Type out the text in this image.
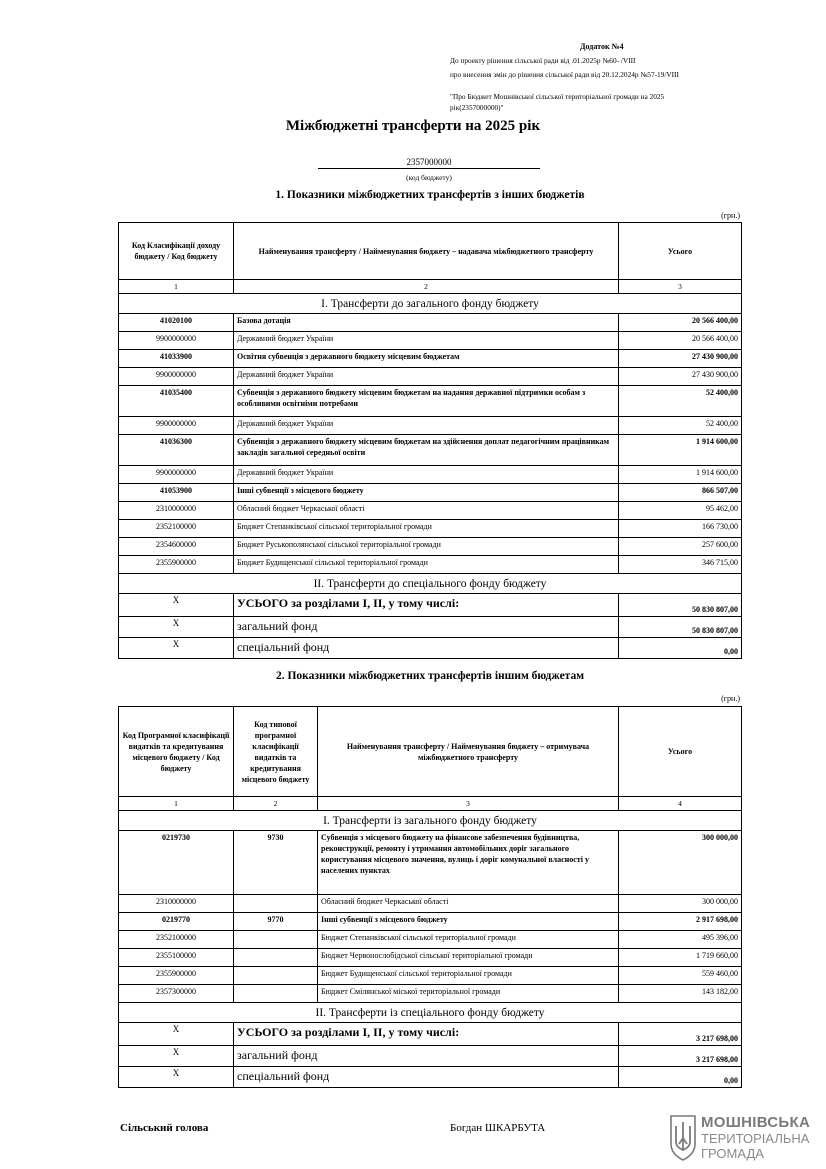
Додаток №4
До проекту рішення сільської ради від .01.2025р №60- /VIII
про внесення змін до рішення сільської ради від 20.12.2024р №57-19/VIII
"Про Бюджет Мошнівської сільської територіальної громади на 2025
рік(2357000000)"
Міжбюджетні трансферти на 2025 рік
2357000000
(код бюджету)
1. Показники міжбюджетних трансфертів з інших бюджетів
(грн.)
Код Класифікації доходу бюджету / Код бюджету	Найменування трансферту / Найменування бюджету – надавача міжбюджетного трансферту	Усього
1	2	3
I. Трансферти до загального фонду бюджету		
41020100	Базова дотація	20 566 400,00
9900000000	Державний бюджет України	20 566 400,00
41033900	Освітня субвенція з державного бюджету місцевим бюджетам	27 430 900,00
9900000000	Державний бюджет України	27 430 900,00
41035400	Субвенція з державного бюджету місцевим бюджетам на надання державної підтримки особам з особливими освітніми потребами	52 400,00
9900000000	Державний бюджет України	52 400,00
41036300	Субвенція з державного бюджету місцевим бюджетам на здійснення доплат педагогічним працівникам закладів загальної середньої освіти	1 914 600,00
9900000000	Державний бюджет України	1 914 600,00
41053900	Інші субвенції з місцевого бюджету	866 507,00
2310000000	Обласний бюджет Черкаської області	95 462,00
2352100000	Бюджет Степанківської сільської територіальної громади	166 730,00
2354600000	Бюджет Руськополянської сільської територіальної громади	257 600,00
2355900000	Бюджет Будищенської сільської територіальної громади	346 715,00
II. Трансферти до спеціального фонду бюджету		
X	УСЬОГО за розділами I, II, у тому числі:	50 830 807,00
X	загальний фонд	50 830 807,00
X	спеціальний фонд	0,00
2. Показники міжбюджетних трансфертів іншим бюджетам
(грн.)
Код Програмної класифікації видатків та кредитування місцевого бюджету / Код бюджету	Код типової програмної класифікації видатків та кредитування місцевого бюджету	Найменування трансферту / Найменування бюджету – отримувача міжбюджетного трансферту	Усього
1	2	3	4
I. Трансферти із загального фонду бюджету			
0219730	9730	Субвенція з місцевого бюджету на фінансове забезпечення будівництва, реконструкції, ремонту і утримання автомобільних доріг загального користування місцевого значення, вулиць і доріг комунальної власності у населених пунктах	300 000,00
2310000000		Обласний бюджет Черкаської області	300 000,00
0219770	9770	Інші субвенції з місцевого бюджету	2 917 698,00
2352100000		Бюджет Степанківської сільської територіальної громади	495 396,00
2355100000		Бюджет Червонослобідської сільської територіальної громади	1 719 660,00
2355900000		Бюджет Будищенської сільської територіальної громади	559 460,00
2357300000		Бюджет Смілянської міської територіальної громади	143 182,00
II. Трансферти із спеціального фонду бюджету			
X	УСЬОГО за розділами I, II, у тому числі:		3 217 698,00
X	загальний фонд		3 217 698,00
X	спеціальний фонд		0,00
Сільський голова	Богдан ШКАРБУТА	МОШНІВСЬКА
ТЕРИТОРІАЛЬНА
ГРОМАДА
